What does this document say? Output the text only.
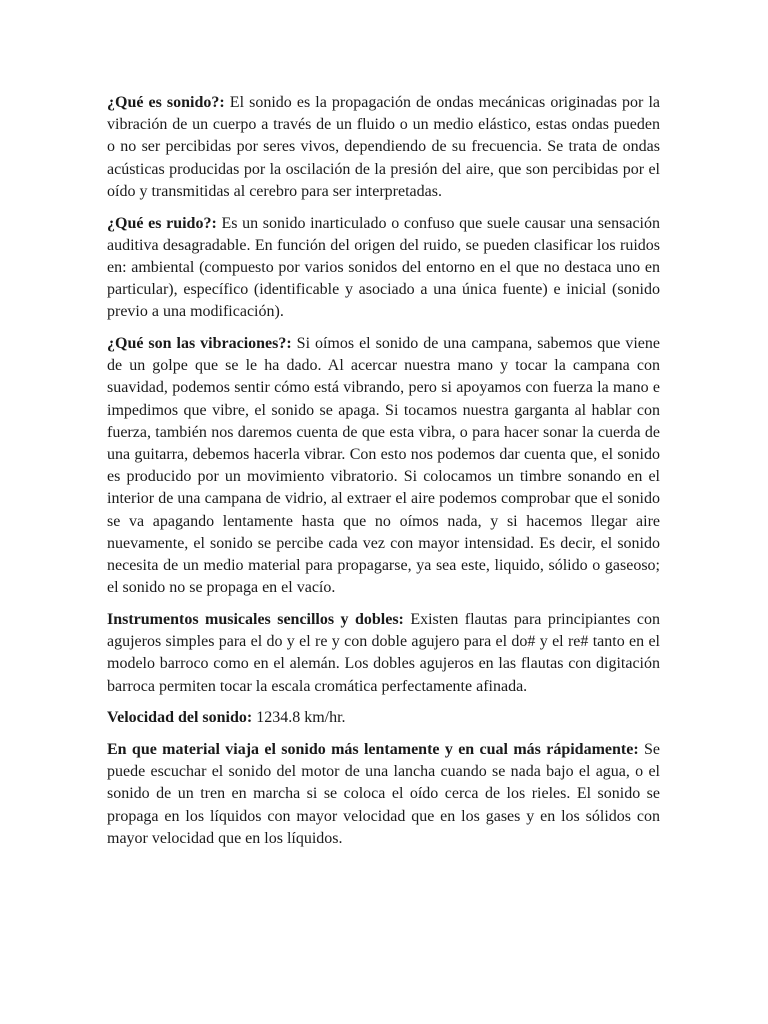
¿Qué es sonido?: El sonido es la propagación de ondas mecánicas originadas por la vibración de un cuerpo a través de un fluido o un medio elástico, estas ondas pueden o no ser percibidas por seres vivos, dependiendo de su frecuencia. Se trata de ondas acústicas producidas por la oscilación de la presión del aire, que son percibidas por el oído y transmitidas al cerebro para ser interpretadas.

¿Qué es ruido?: Es un sonido inarticulado o confuso que suele causar una sensación auditiva desagradable. En función del origen del ruido, se pueden clasificar los ruidos en: ambiental (compuesto por varios sonidos del entorno en el que no destaca uno en particular), específico (identificable y asociado a una única fuente) e inicial (sonido previo a una modificación).

¿Qué son las vibraciones?: Si oímos el sonido de una campana, sabemos que viene de un golpe que se le ha dado. Al acercar nuestra mano y tocar la campana con suavidad, podemos sentir cómo está vibrando, pero si apoyamos con fuerza la mano e impedimos que vibre, el sonido se apaga. Si tocamos nuestra garganta al hablar con fuerza, también nos daremos cuenta de que esta vibra, o para hacer sonar la cuerda de una guitarra, debemos hacerla vibrar. Con esto nos podemos dar cuenta que, el sonido es producido por un movimiento vibratorio. Si colocamos un timbre sonando en el interior de una campana de vidrio, al extraer el aire podemos comprobar que el sonido se va apagando lentamente hasta que no oímos nada, y si hacemos llegar aire nuevamente, el sonido se percibe cada vez con mayor intensidad. Es decir, el sonido necesita de un medio material para propagarse, ya sea este, liquido, sólido o gaseoso; el sonido no se propaga en el vacío.

Instrumentos musicales sencillos y dobles: Existen flautas para principiantes con agujeros simples para el do y el re y con doble agujero para el do# y el re# tanto en el modelo barroco como en el alemán. Los dobles agujeros en las flautas con digitación barroca permiten tocar la escala cromática perfectamente afinada.

Velocidad del sonido: 1234.8 km/hr.

En que material viaja el sonido más lentamente y en cual más rápidamente: Se puede escuchar el sonido del motor de una lancha cuando se nada bajo el agua, o el sonido de un tren en marcha si se coloca el oído cerca de los rieles. El sonido se propaga en los líquidos con mayor velocidad que en los gases y en los sólidos con mayor velocidad que en los líquidos.
